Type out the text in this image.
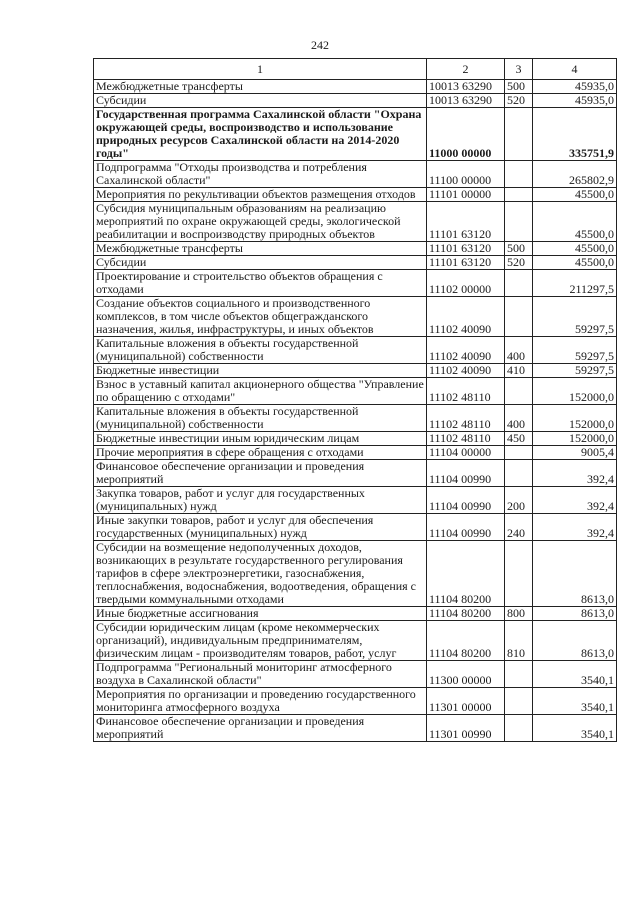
242
1	2	3	4
Межбюджетные трансферты	10013 63290	500	45935,0
Субсидии	10013 63290	520	45935,0
Государственная программа Сахалинской области "Охрана окружающей среды, воспроизводство и использование природных ресурсов Сахалинской области на 2014-2020 годы"	11000 00000		335751,9
Подпрограмма "Отходы производства и потребления Сахалинской области"	11100 00000		265802,9
Мероприятия по рекультивации объектов размещения отходов	11101 00000		45500,0
Субсидия муниципальным образованиям на реализацию мероприятий по охране окружающей среды, экологической реабилитации и воспроизводству природных объектов	11101 63120		45500,0
Межбюджетные трансферты	11101 63120	500	45500,0
Субсидии	11101 63120	520	45500,0
Проектирование и строительство объектов обращения с отходами	11102 00000		211297,5
Создание объектов социального и производственного комплексов, в том числе объектов общегражданского назначения, жилья, инфраструктуры, и иных объектов	11102 40090		59297,5
Капитальные вложения в объекты государственной (муниципальной) собственности	11102 40090	400	59297,5
Бюджетные инвестиции	11102 40090	410	59297,5
Взнос в уставный капитал акционерного общества "Управление по обращению с отходами"	11102 48110		152000,0
Капитальные вложения в объекты государственной (муниципальной) собственности	11102 48110	400	152000,0
Бюджетные инвестиции иным юридическим лицам	11102 48110	450	152000,0
Прочие мероприятия в сфере обращения с отходами	11104 00000		9005,4
Финансовое обеспечение организации и проведения мероприятий	11104 00990		392,4
Закупка товаров, работ и услуг для государственных (муниципальных) нужд	11104 00990	200	392,4
Иные закупки товаров, работ и услуг для обеспечения государственных (муниципальных) нужд	11104 00990	240	392,4
Субсидии на возмещение недополученных доходов, возникающих в результате государственного регулирования тарифов в сфере электроэнергетики, газоснабжения, теплоснабжения, водоснабжения, водоотведения, обращения с твердыми коммунальными отходами	11104 80200		8613,0
Иные бюджетные ассигнования	11104 80200	800	8613,0
Субсидии юридическим лицам (кроме некоммерческих организаций), индивидуальным предпринимателям, физическим лицам - производителям товаров, работ, услуг	11104 80200	810	8613,0
Подпрограмма "Региональный мониторинг атмосферного воздуха в Сахалинской области"	11300 00000		3540,1
Мероприятия по организации и проведению государственного мониторинга атмосферного воздуха	11301 00000		3540,1
Финансовое обеспечение организации и проведения мероприятий	11301 00990		3540,1
